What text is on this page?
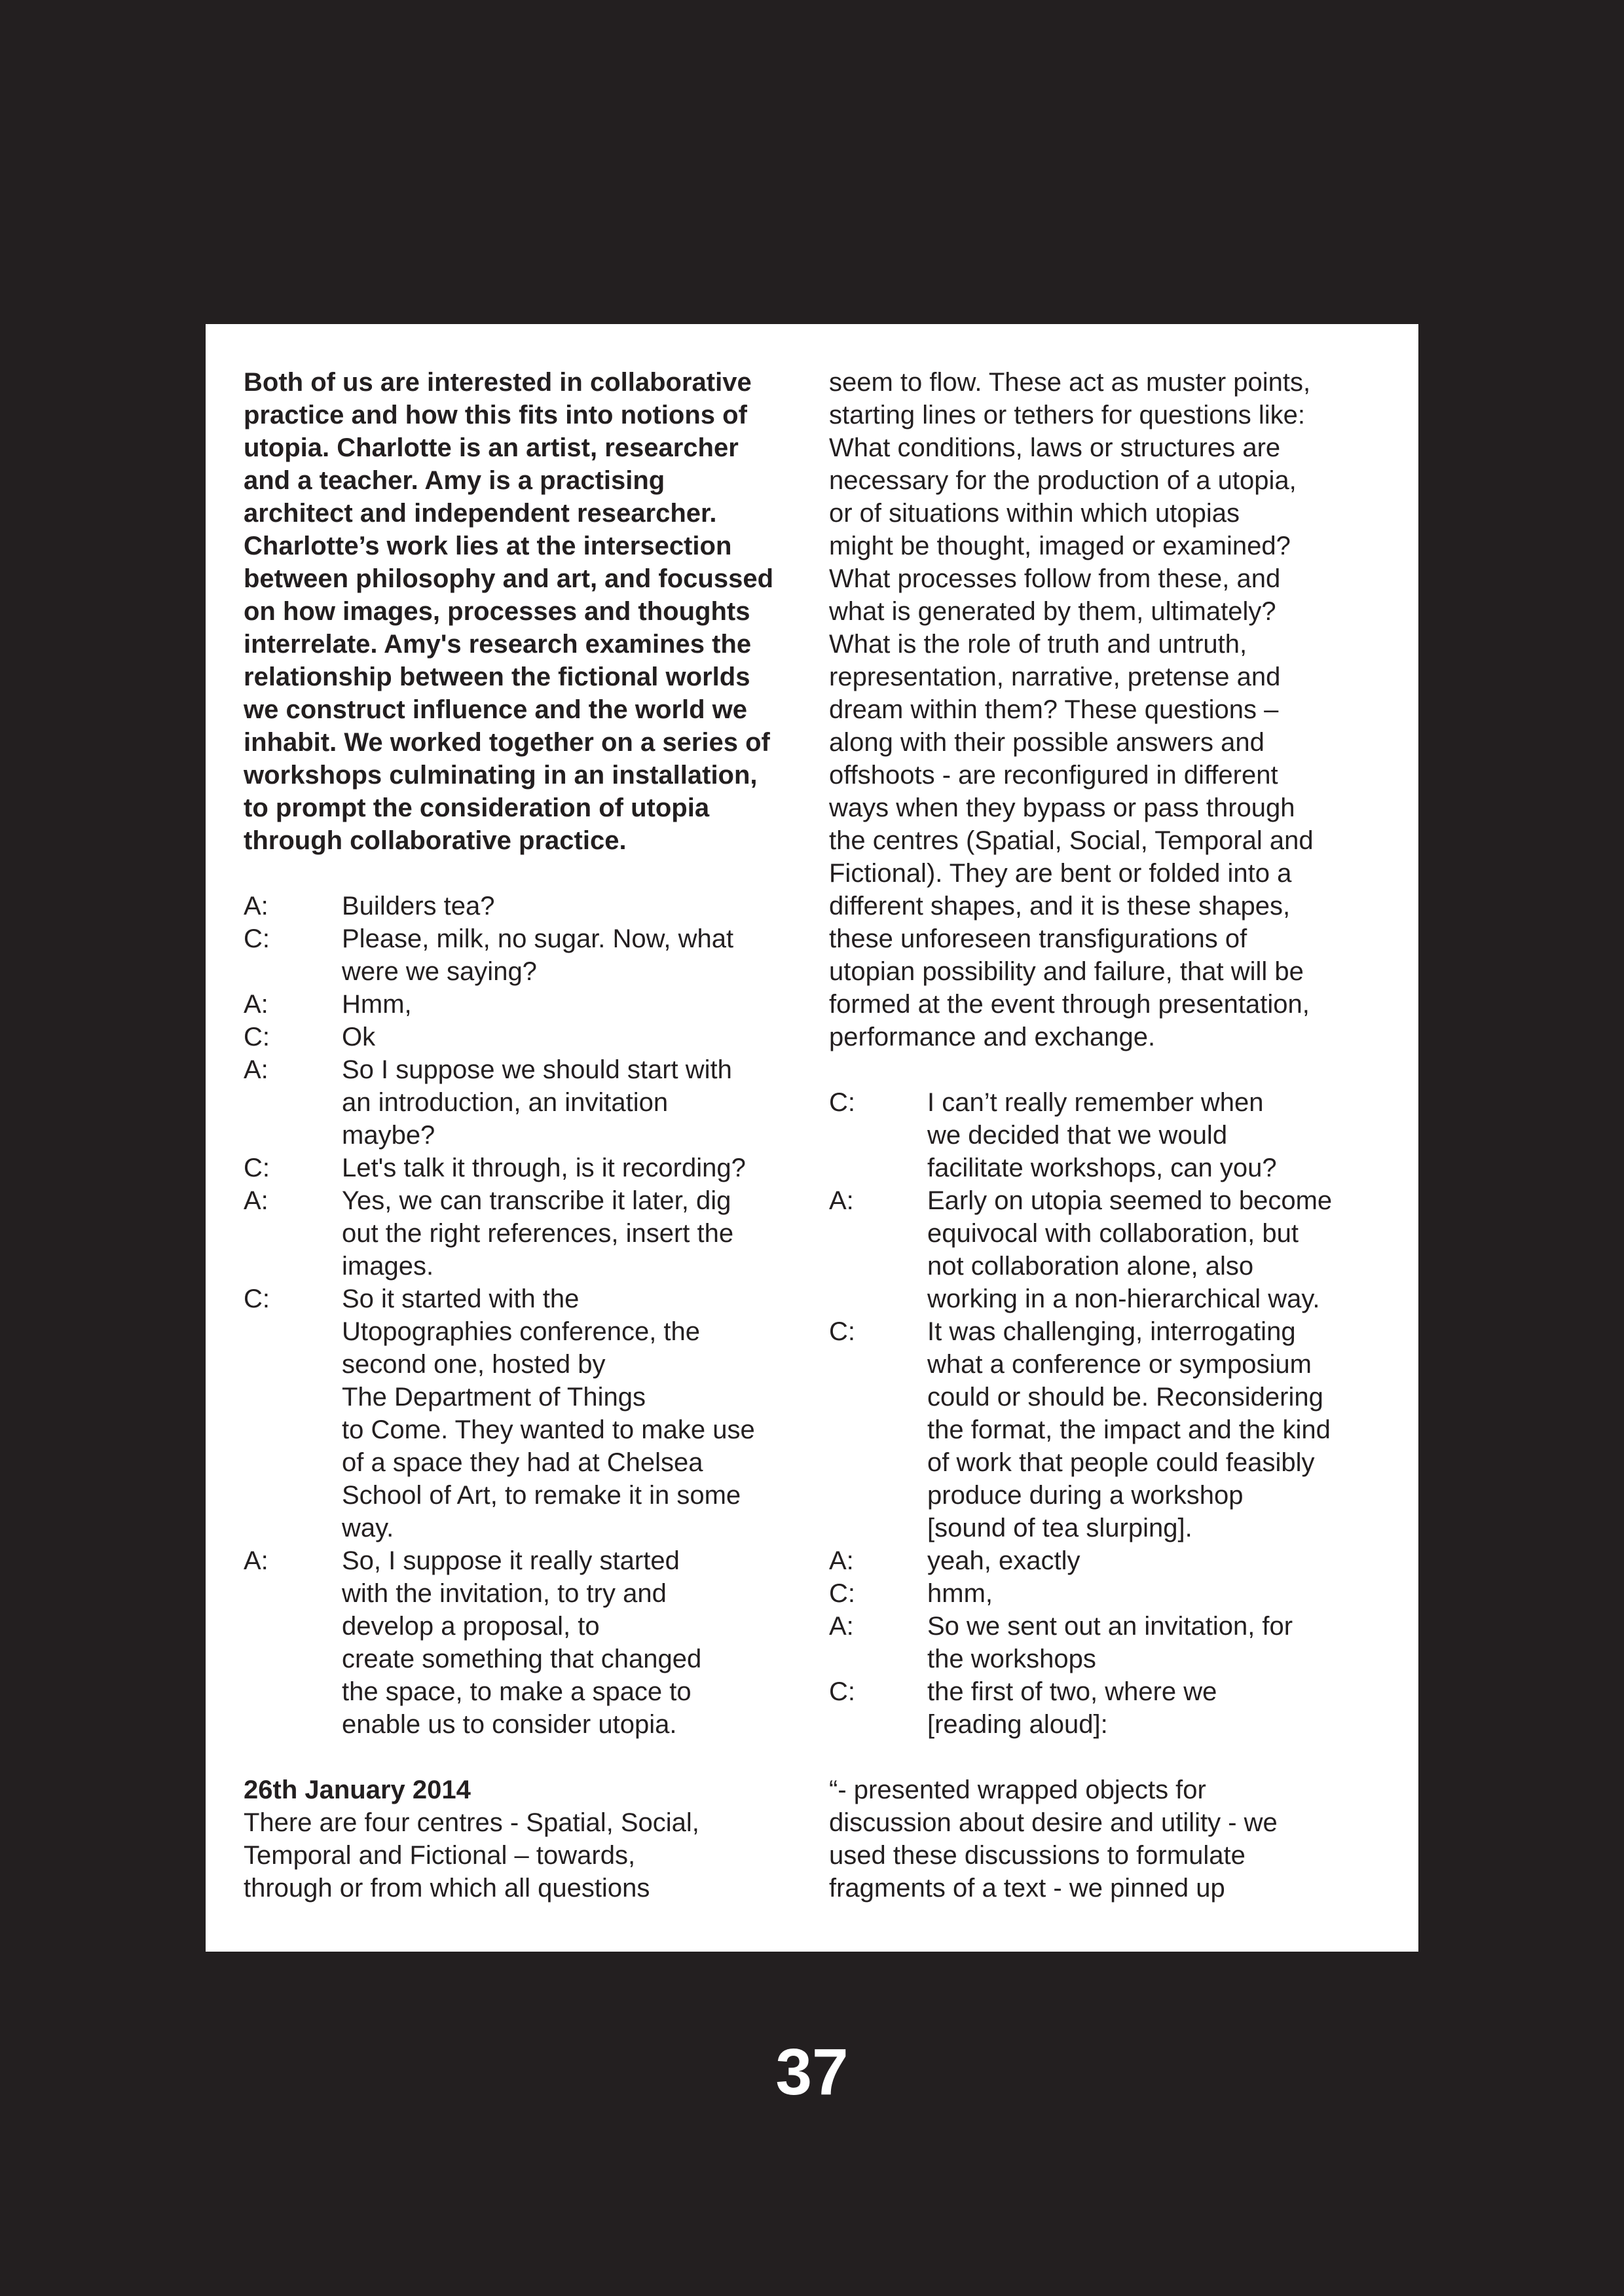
Both of us are interested in collaborative
practice and how this fits into notions of
utopia. Charlotte is an artist, researcher
and a teacher. Amy is a practising
architect and independent researcher.
Charlotte’s work lies at the intersection
between philosophy and art, and focussed
on how images, processes and thoughts
interrelate. Amy's research examines the
relationship between the fictional worlds
we construct influence and the world we
inhabit. We worked together on a series of
workshops culminating in an installation,
to prompt the consideration of utopia
through collaborative practice.

A:	Builders tea?
C:	Please, milk, no sugar. Now, what
were we saying?
A:	Hmm,
C:	Ok
A:	So I suppose we should start with
an introduction, an invitation
maybe?
C:	Let's talk it through, is it recording?
A:	Yes, we can transcribe it later, dig
out the right references, insert the
images.
C:	So it started with the
Utopographies conference, the
second one, hosted by
The Department of Things
to Come. They wanted to make use
of a space they had at Chelsea
School of Art, to remake it in some
way.
A:	So, I suppose it really started
with the invitation, to try and
develop a proposal, to
create something that changed
the space, to make a space to
enable us to consider utopia.

26th January 2014

There are four centres - Spatial, Social,
Temporal and Fictional – towards,
through or from which all questions

seem to flow. These act as muster points,
starting lines or tethers for questions like:
What conditions, laws or structures are
necessary for the production of a utopia,
or of situations within which utopias
might be thought, imaged or examined?
What processes follow from these, and
what is generated by them, ultimately?
What is the role of truth and untruth,
representation, narrative, pretense and
dream within them? These questions –
along with their possible answers and
offshoots - are reconfigured in different
ways when they bypass or pass through
the centres (Spatial, Social, Temporal and
Fictional). They are bent or folded into a
different shapes, and it is these shapes,
these unforeseen transfigurations of
utopian possibility and failure, that will be
formed at the event through presentation,
performance and exchange.

C:	I can’t really remember when
we decided that we would
facilitate workshops, can you?
A:	Early on utopia seemed to become
equivocal with collaboration, but
not collaboration alone, also
working in a non-hierarchical way.
C:	It was challenging, interrogating
what a conference or symposium
could or should be. Reconsidering
the format, the impact and the kind
of work that people could feasibly
produce during a workshop
[sound of tea slurping].
A:	yeah, exactly
C:	hmm,
A:	So we sent out an invitation, for
the workshops
C:	the first of two, where we
[reading aloud]:

“- presented wrapped objects for
discussion about desire and utility - we
used these discussions to formulate
fragments of a text - we pinned up

37
